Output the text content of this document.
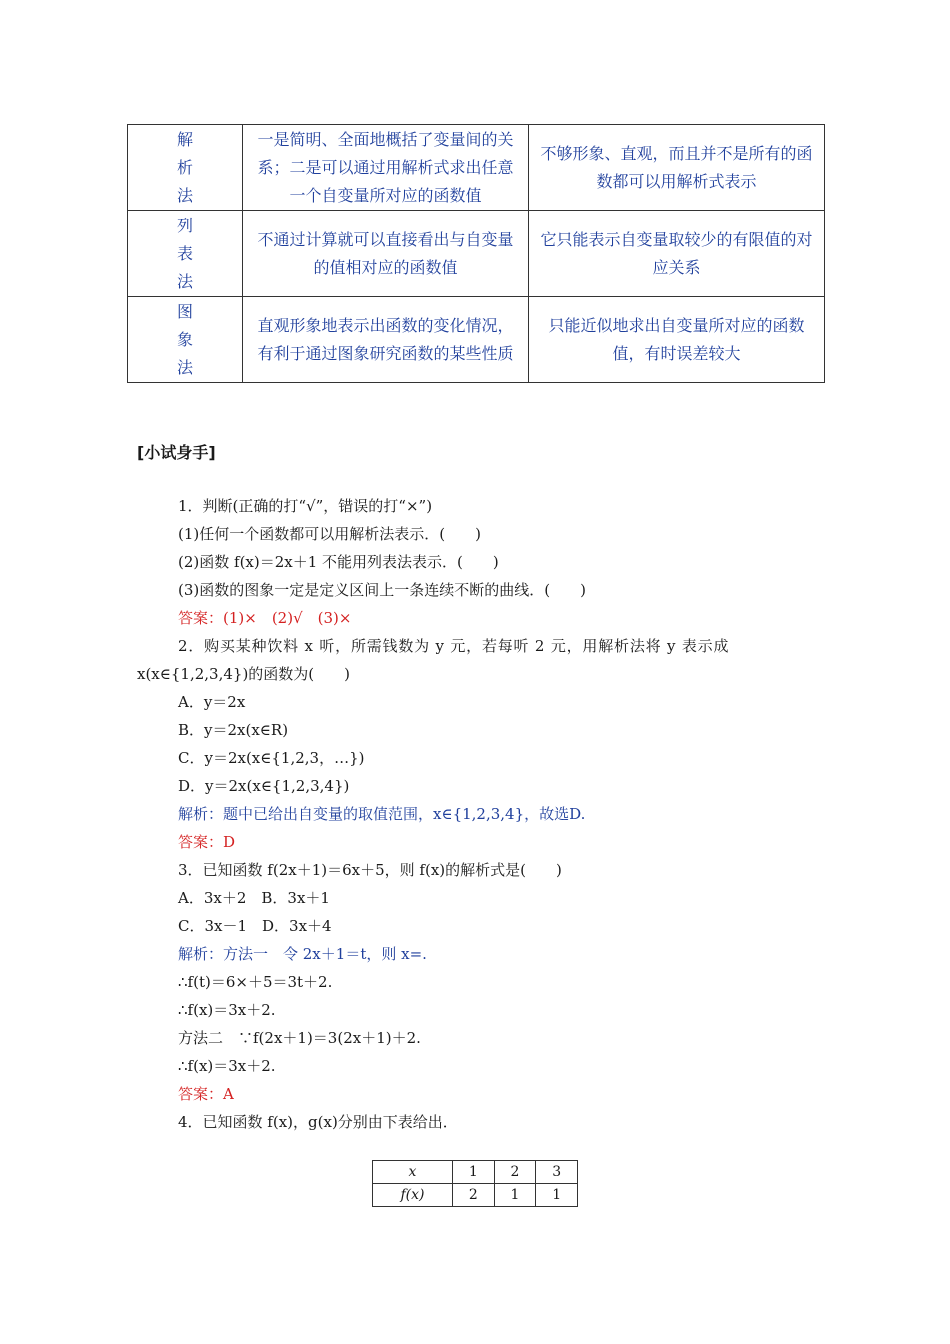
解
析
法	一是简明、全面地概括了变量间的关系；二是可以通过用解析式求出任意一个自变量所对应的函数值	不够形象、直观，而且并不是所有的函数都可以用解析式表示

列
表
法	不通过计算就可以直接看出与自变量的值相对应的函数值	它只能表示自变量取较少的有限值的对应关系

图
象
法	直观形象地表示出函数的变化情况，有利于通过图象研究函数的某些性质	只能近似地求出自变量所对应的函数值，有时误差较大
[小试身手]
1．判断(正确的打“√”，错误的打“×”)
(1)任何一个函数都可以用解析法表示．(　　)
(2)函数 f(x)＝2x＋1 不能用列表法表示．(　　)
(3)函数的图象一定是定义区间上一条连续不断的曲线．(　　)
答案：(1)×　(2)√　(3)×
2．购买某种饮料 x 听，所需钱数为 y 元，若每听 2 元，用解析法将 y 表示成
x(x∈{1,2,3,4})的函数为(　　)
A．y＝2x
B．y＝2x(x∈R)
C．y＝2x(x∈{1,2,3，…})
D．y＝2x(x∈{1,2,3,4})
解析：题中已给出自变量的取值范围，x∈{1,2,3,4}，故选D.
答案：D
3．已知函数 f(2x＋1)＝6x＋5，则 f(x)的解析式是(　　)
A．3x＋2　B．3x＋1
C．3x－1　D．3x＋4
解析：方法一　令 2x＋1＝t，则 x=.
∴f(t)＝6×＋5＝3t＋2.
∴f(x)＝3x＋2.
方法二　∵f(2x＋1)＝3(2x＋1)＋2.
∴f(x)＝3x＋2.
答案：A
4．已知函数 f(x)，g(x)分别由下表给出．
x	1	2	3
f(x)	2	1	1
